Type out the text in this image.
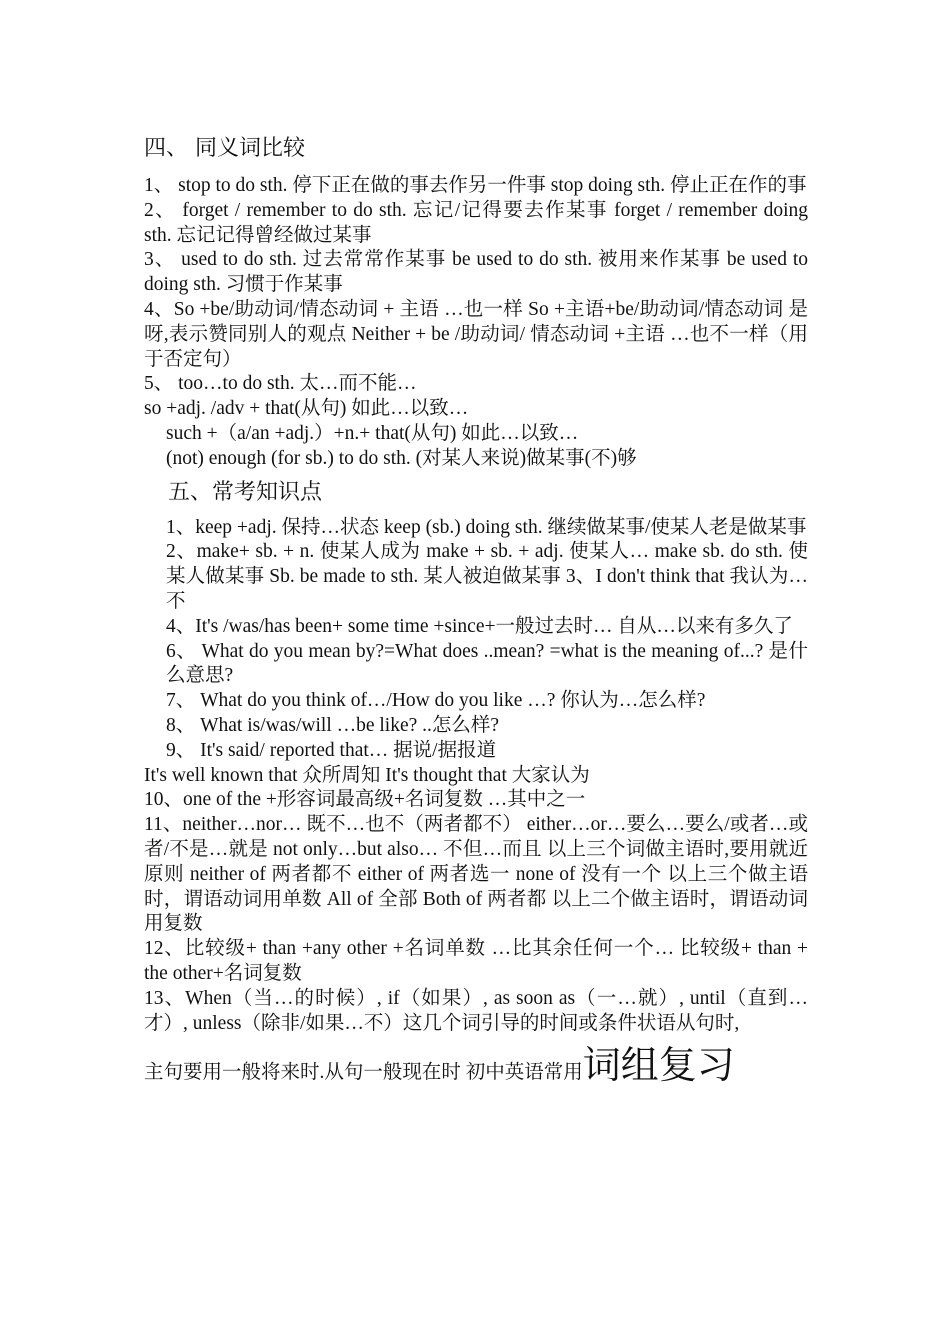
四、 同义词比较

1、 stop to do sth. 停下正在做的事去作另一件事 stop doing sth. 停止正在作的事

2、 forget / remember to do sth. 忘记/记得要去作某事 forget / remember doing sth. 忘记记得曾经做过某事

3、 used to do sth. 过去常常作某事 be used to do sth. 被用来作某事 be used to doing sth. 习惯于作某事

4、So +be/助动词/情态动词 + 主语 …也一样 So +主语+be/助动词/情态动词 是呀,表示赞同别人的观点 Neither + be /助动词/ 情态动词 +主语 …也不一样（用于否定句）

5、 too…to do sth. 太…而不能…

so +adj. /adv + that(从句) 如此…以致…

such +（a/an +adj.）+n.+ that(从句) 如此…以致…

(not) enough (for sb.) to do sth. (对某人来说)做某事(不)够

五、常考知识点

1、keep +adj. 保持…状态 keep (sb.) doing sth. 继续做某事/使某人老是做某事

2、make+ sb. + n. 使某人成为 make + sb. + adj. 使某人… make sb. do sth. 使某人做某事 Sb. be made to sth. 某人被迫做某事 3、I don't think that 我认为…不

4、It's /was/has been+ some time +since+一般过去时… 自从…以来有多久了

6、 What do you mean by?=What does ..mean? =what is the meaning of...? 是什么意思?

7、 What do you think of…/How do you like …? 你认为…怎么样?

8、 What is/was/will …be like? ..怎么样?

9、 It's said/ reported that… 据说/据报道

It's well known that 众所周知 It's thought that 大家认为

10、one of the +形容词最高级+名词复数 …其中之一

11、neither…nor… 既不…也不（两者都不） either…or…要么…要么/或者…或者/不是…就是 not only…but also… 不但…而且 以上三个词做主语时,要用就近原则 neither of 两者都不 either of 两者选一 none of 没有一个 以上三个做主语时，谓语动词用单数 All of 全部 Both of 两者都 以上二个做主语时，谓语动词用复数

12、比较级+ than +any other +名词单数 …比其余任何一个… 比较级+ than + the other+名词复数

13、When（当…的时候）, if（如果）, as soon as（一…就）, until（直到…才）, unless（除非/如果…不）这几个词引导的时间或条件状语从句时,

主句要用一般将来时.从句一般现在时 初中英语常用词组复习
